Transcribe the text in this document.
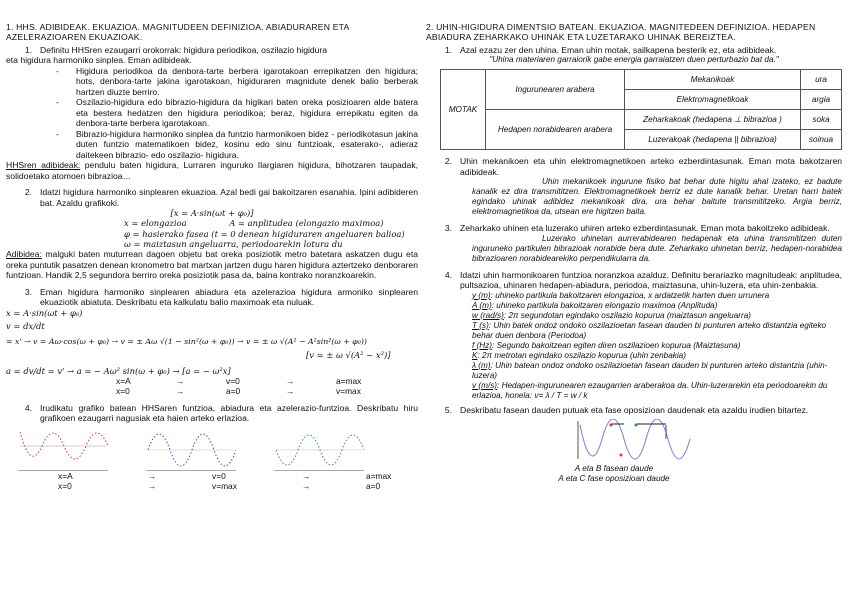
1. HHS. ADIBIDEAK. EKUAZIOA. MAGNITUDEEN DEFINIZIOA. ABIADURAREN ETA AZELERAZIOAREN EKUAZIOAK.
1. Definitu HHSren ezaugarri orokorrak: higidura periodikoa, oszilazio higidura
eta higidura harmoniko sinplea. Eman adibideak.
-	Higidura periodikoa da denbora-tarte berbera igarotakoan errepikatzen den higidura; hots, denbora-tarte jakina igarotakoan, higiduraren magnidute denek balio berberak hartzen diuzte berriro.
-	Oszilazio-higidura edo bibrazio-higidura da higikari baten oreka posizioaren alde batera eta bestera hedatzen den higidura periodikoa; beraz, higidura errepikatu egiten da denbora-tarte berbera igarotakoan.
-	Bibrazio-higidura harmoniko sinplea da funtzio harmonikoen bidez - periodikotasun jakina duten funtzio matematikoen bidez, kosinu edo sinu funtzioak, esaterako-, adieraz daitekeen bibrazio- edo oszilazio- higidura.
HHSren adibideak: pendulu baten higidura, Lurraren inguruko Ilargiaren higidura, bihotzaren taupadak, solidoetako atomoen bibrazioa…
2. Idatzi higidura harmoniko sinplearen ekuazioa. Azal bedi gai bakoitzaren esanahia. Ipini adibideren bat. Azaldu grafikoki.
[x = A·sin(ωt + φ₀)]
x = elongazioa                A = anplitudea (elongazio maximoa)
φ = hasierako fasea (t = 0 denean higiduraren angeluaren balioa)
ω = maiztasun angeluarra, periodoarekin lotura du
Adibidea: malguki baten muturrean dagoen objetu bat oreka posiziotik metro batetara askatzen dugu eta oreka puntutik pasatzen denean kronometro bat martxan jartzen dugu haren higidura aztertzeko denboraren funtzioan. Handik 2,5 segundora berriro oreka posiziotik pasa da, baina kontrako noranzkoarekin.
3. Eman higidura harmoniko sinplearen abiadura eta azelerazioa higidura armoniko sinplearen ekuaziotik abiatuta. Deskribatu eta kalkulatu balio maximoak eta nuluak.
x = A·sin(ωt + φ₀)
v = dx/dt
= x' → v = Aω·cos(ω + φ₀) → v = ± Aω √(1 − sin²(ω + φ₀)) → v = ± ω √(A² − A²sin²(ω + φ₀))
[v = ± ω √(A² − x²)]
a = dv/dt = v' → a = − Aω² sin(ω + φ₀) → [a = − ω²x]
x=A	→	v=0	→	a=max
x=0	→	a=0	→	v=max
4. Irudikatu grafiko batean HHSaren funtzioa, abiadura eta azelerazio-funtzioa. Deskribatu hiru grafikoen ezaugarri nagusiak eta haien arteko erlazioa.
x=A	→	v=0	→	a=max
x=0	→	v=max	→	a=0
2. UHIN-HIGIDURA DIMENTSIO BATEAN. EKUAZIOA. MAGNITEDEEN DEFINIZIOA. HEDAPEN ABIADURA ZEHARKAKO UHINAK ETA LUZETARAKO UHINAK BEREIZTEA.
1. Azal ezazu zer den uhina. Eman uhin motak, sailkapena besterik ez, eta adibideak.
"Uhina materiaren garraiorik gabe energia garraiatzen duen perturbazio bat da."
MOTAK	Ingurunearen arabera	Mekanikoak	ura
		Elektromagnetikoak	argia
	Hedapen norabidearen arabera	Zeharkakoak (hedapena ⊥ bibrazioa )	soka
		Luzerakoak (hedapena || bibrazioa)	soinua
2. Uhin mekanikoen eta uhin elektromagnetikoen arteko ezberdintasunak. Eman mota bakotzaren adibideak.
Uhin mekanikoek ingurune fisiko bat behar dute higitu ahal izateko, ez badute kanalik ez dira transmititzen. Elektromagnetikoek berriz ez dute kanalik behar. Uretan harri batek egindako uhinak adibidez mekanikoak dira, ura behar baitute transmititzeko. Argia berriz, elektromagnetikoa da, utsean ere higitzen baita.
3. Zeharkako uhinen eta luzerako uhiren arteko ezberdintasunak. Eman mota bakoitzeko adibideak.
Luzerako uhinetan aurrerabidearen hedapenak eta uhina transmititzen duten inguruneko partikulen bibrazioak norabide bera dute. Zeharkako uhinetan berriz, hedapen-norabidea bibrazioaren norabidearekiko perpendikularra da.
4. Idatzi uhin harmonikoaren funtzioa noranzkoa azalduz. Definitu berariazko magnitudeak: anplitudea, pultsazioa, uhinaren hedapen-abiadura, periodoa, maiztasuna, uhin-luzera, eta uhin-zenbakia.
y (m): uhineko partikula bakoitzaren elongazioa, x ardatzetik harten duen urrunera
A (m): uhineko partikula bakoitzaren elongazio maximoa (Anplituda)
w (rad/s): 2π segundotan egindako oszilazio kopurua (maiztasun angeluarra)
T (s): Uhin batek ondoz ondoko oszilazioetan fasean dauden bi punturen arteko distantzia egiteko behar duen denbora (Periodoa)
f (Hz): Segundo bakoitzean egiten diren oszilazioen kopurua (Maiztasuna)
K: 2π metrotan egindako oszilazio kopurua (uhin zenbakia)
λ (m): Uhin batean ondoz ondoko oszilazioetan fasean dauden bi punturen arteko distantzia (uhin-luzera)
v (m/s): Hedapen-ingurunearen ezaugarrien araberakoa da. Uhin-luzerarekin eta periodoarekin du erlazioa, honela: v= λ / T = w / k
5. Deskribatu fasean dauden putuak eta fase oposizioan daudenak eta azaldu irudien bitartez.
A eta B fasean daude
A eta C fase oposizioan daude
